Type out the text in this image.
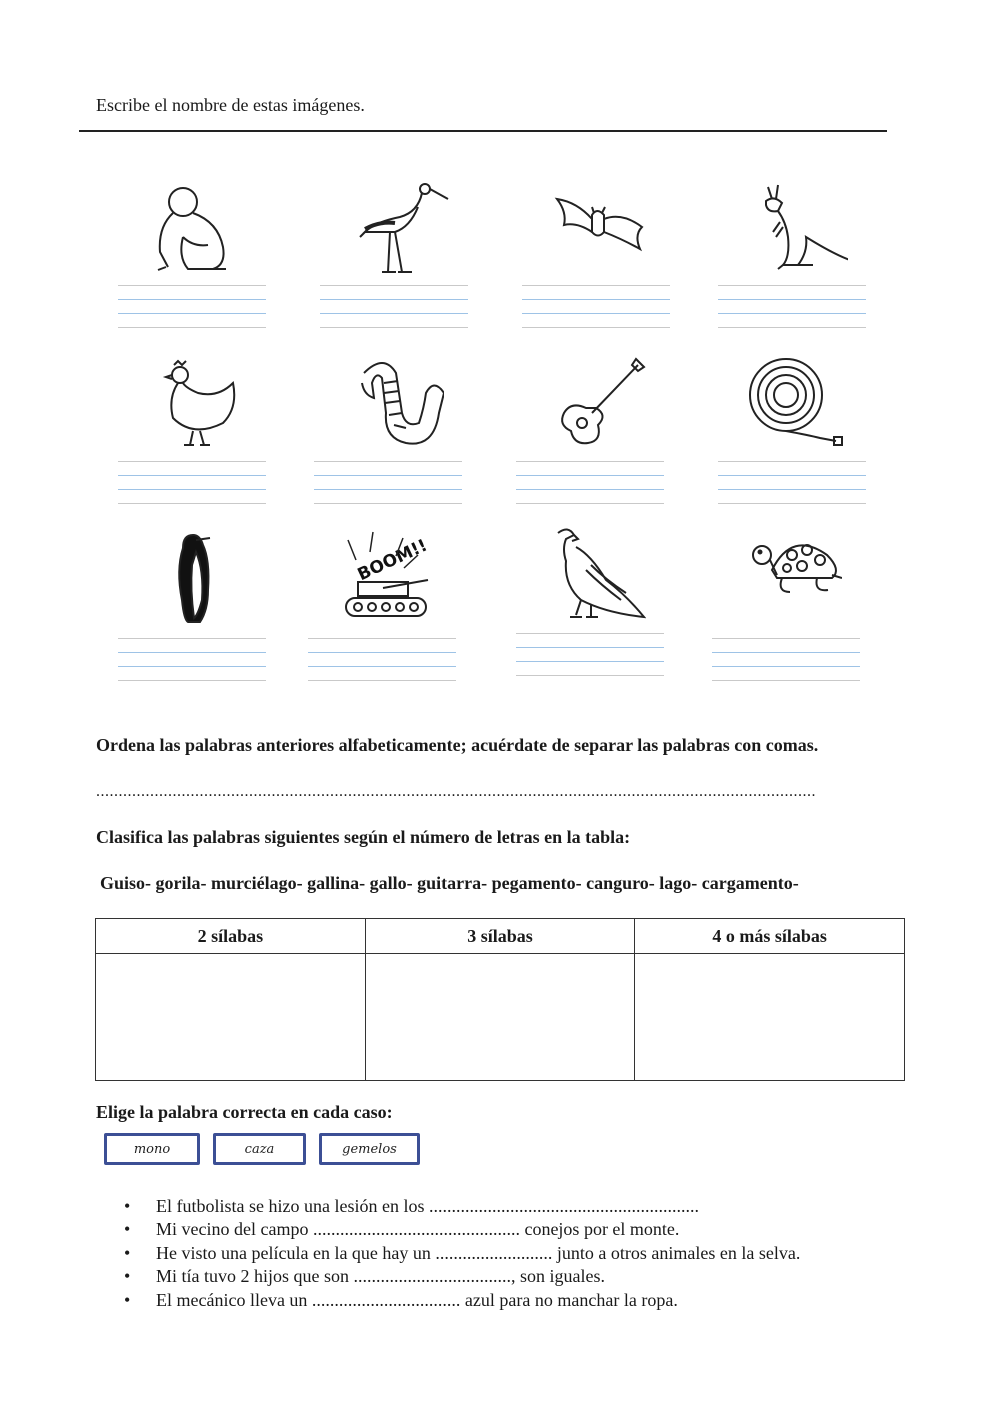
Escribe el nombre de estas imágenes.
BOOM!!
Ordena las palabras anteriores alfabeticamente; acuérdate de separar las palabras con comas.
................................................................................................................................................................
Clasifica las palabras siguientes según el número de letras en la tabla:
Guiso- gorila- murciélago- gallina- gallo- guitarra- pegamento- canguro- lago- cargamento-
2 sílabas	3 sílabas	4 o más sílabas

Elige la palabra correcta en cada caso:
mono	caza	gemelos
• El futbolista se hizo una lesión en los ............................................................
• Mi vecino del campo .............................................. conejos por el monte.
• He visto una película en la que hay un .......................... junto a otros animales en la selva.
• Mi tía tuvo 2 hijos que son ..................................., son iguales.
• El mecánico lleva un ................................. azul para no manchar la ropa.
